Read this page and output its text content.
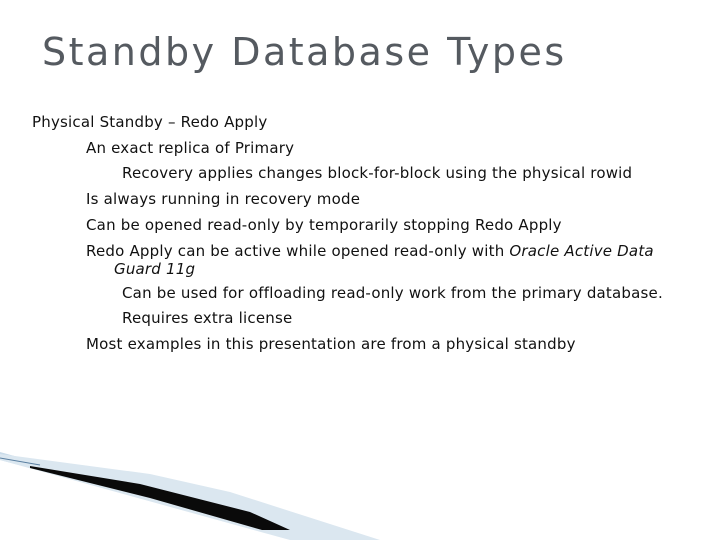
Standby Database Types
Physical Standby – Redo Apply
An exact replica of Primary
Recovery applies changes block-for-block using the physical rowid
Is always running in recovery mode
Can be opened read-only by temporarily stopping Redo Apply
Redo Apply can be active while opened read-only with Oracle Active Data
Guard 11g
Can be used for offloading read-only work from the primary database.
Requires extra license
Most examples in this presentation are from a physical standby
